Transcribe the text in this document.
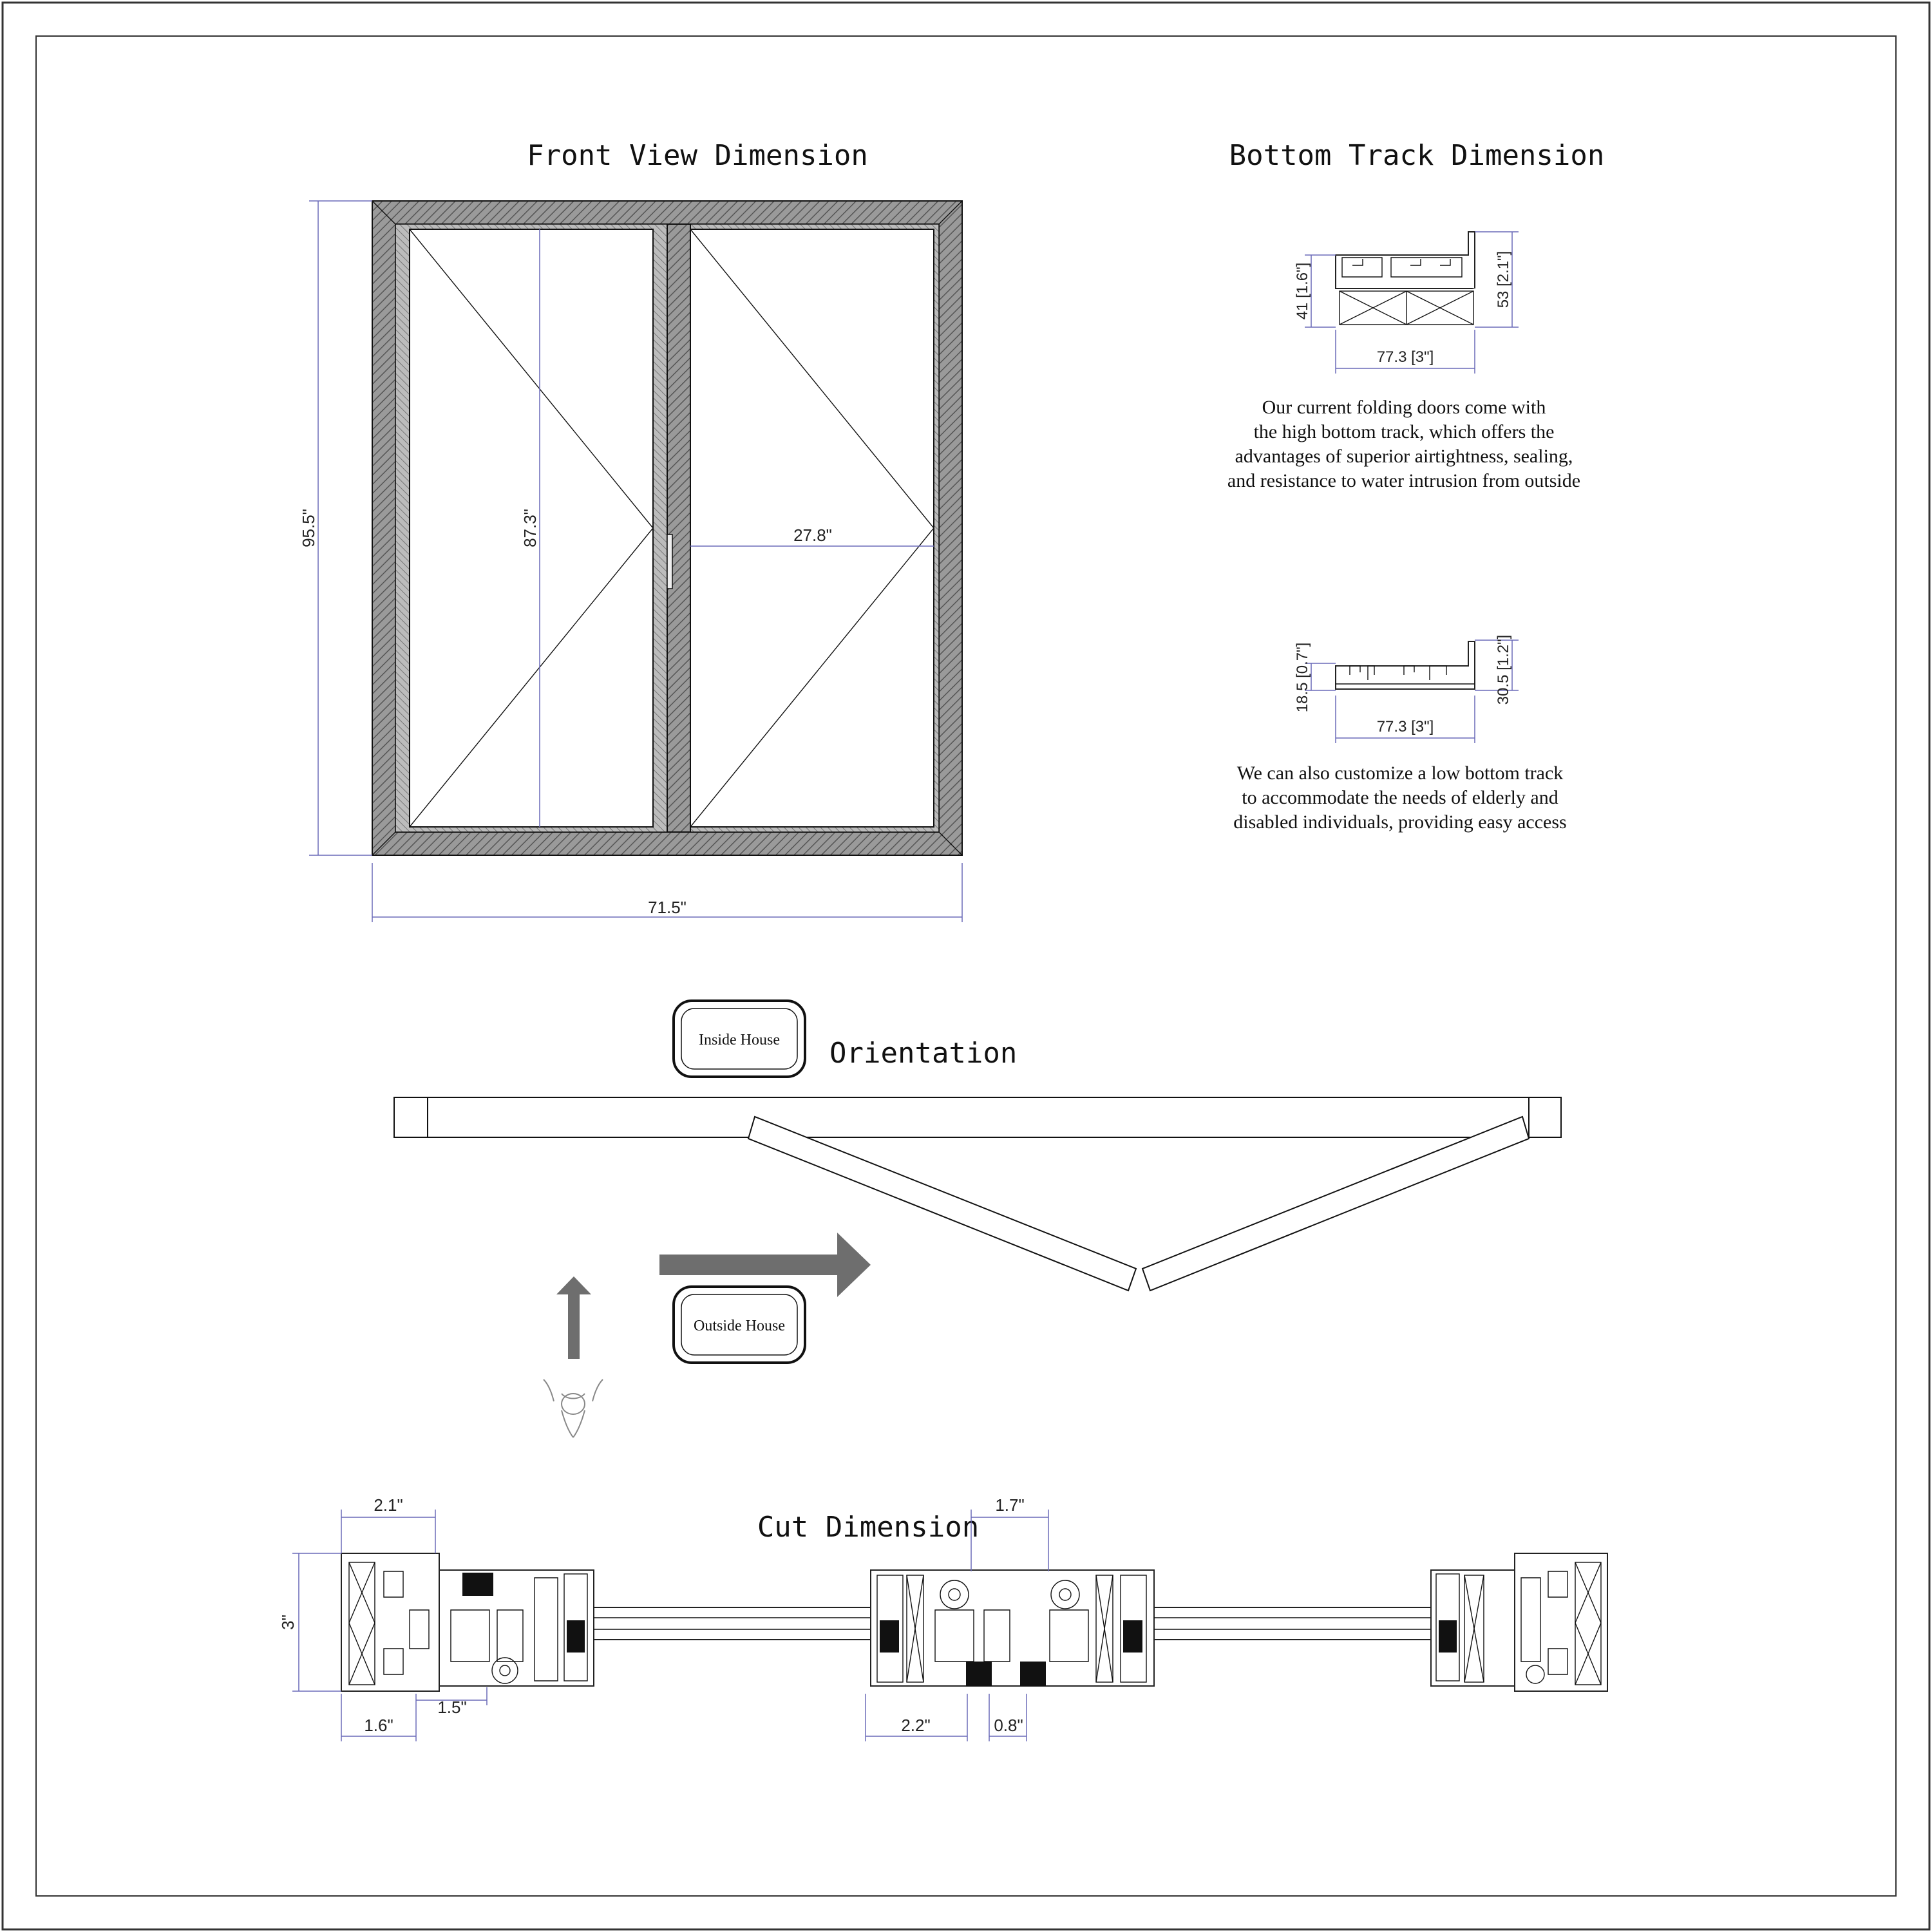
Front View Dimension
95.5"	87.3"	27.8"
71.5"
Bottom Track Dimension
41 [1.6"]	53 [2.1"]
77.3 [3"]
Our current folding doors come with
the high bottom track, which offers the
advantages of superior airtightness, sealing,
and resistance to water intrusion from outside
18.5 [0.7"]	30.5 [1.2"]
77.3 [3"]
We can also customize a low bottom track
to accommodate the needs of elderly and
disabled individuals, providing easy access
Inside House Orientation
Outside House
Cut Dimension
2.1"	1.7"
3"
1.6"
1.5"
2.2"	0.8"
